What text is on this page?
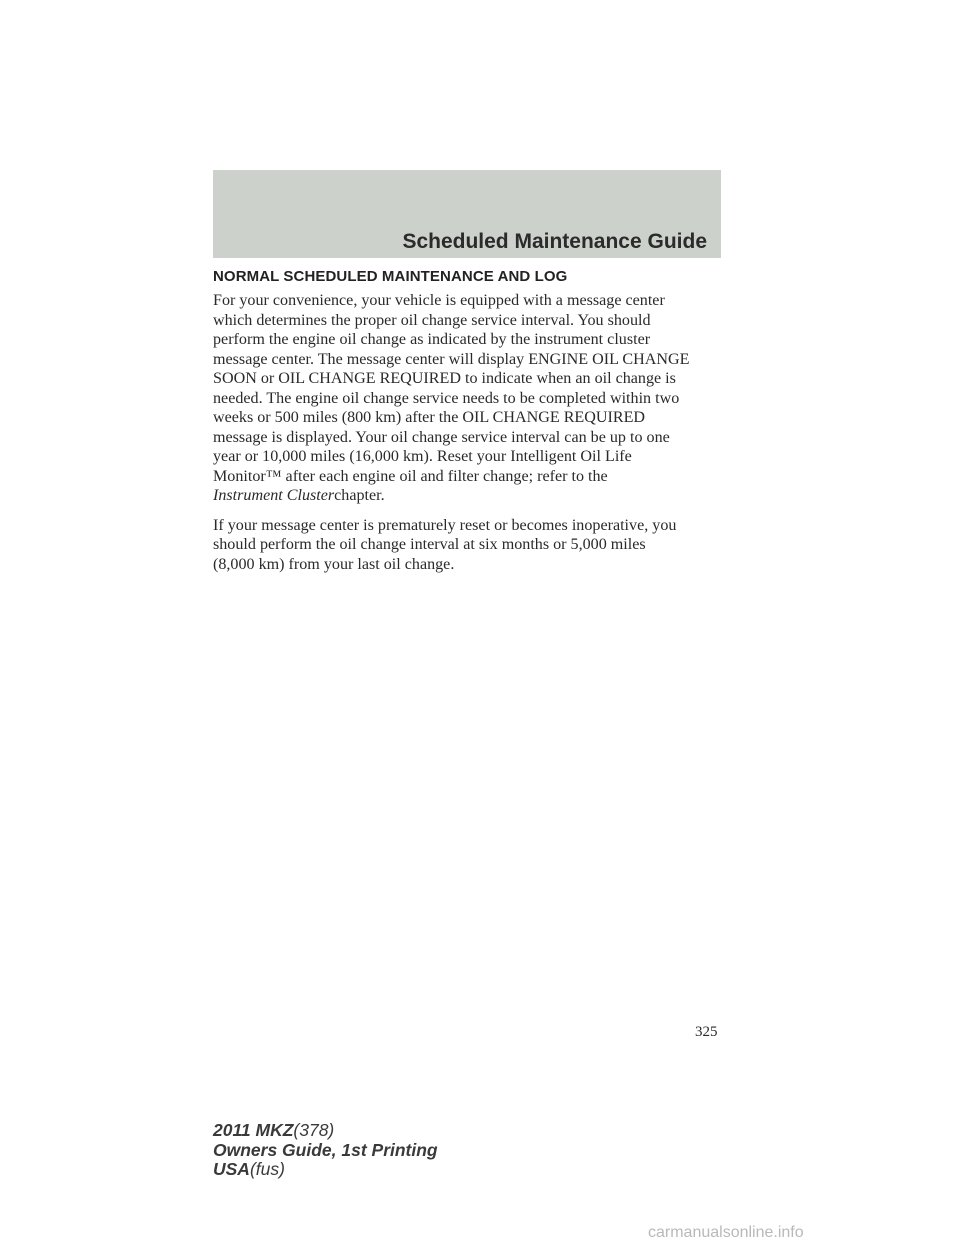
Scheduled Maintenance Guide
NORMAL SCHEDULED MAINTENANCE AND LOG

For your convenience, your vehicle is equipped with a message center
which determines the proper oil change service interval. You should
perform the engine oil change as indicated by the instrument cluster
message center. The message center will display ENGINE OIL CHANGE
SOON or OIL CHANGE REQUIRED to indicate when an oil change is
needed. The engine oil change service needs to be completed within two
weeks or 500 miles (800 km) after the OIL CHANGE REQUIRED
message is displayed. Your oil change service interval can be up to one
year or 10,000 miles (16,000 km). Reset your Intelligent Oil Life
Monitor™ after each engine oil and filter change; refer to the
Instrument Clusterchapter.

If your message center is prematurely reset or becomes inoperative, you
should perform the oil change interval at six months or 5,000 miles
(8,000 km) from your last oil change.

325

2011 MKZ(378)
Owners Guide, 1st Printing
USA(fus)
carmanualsonline.info
